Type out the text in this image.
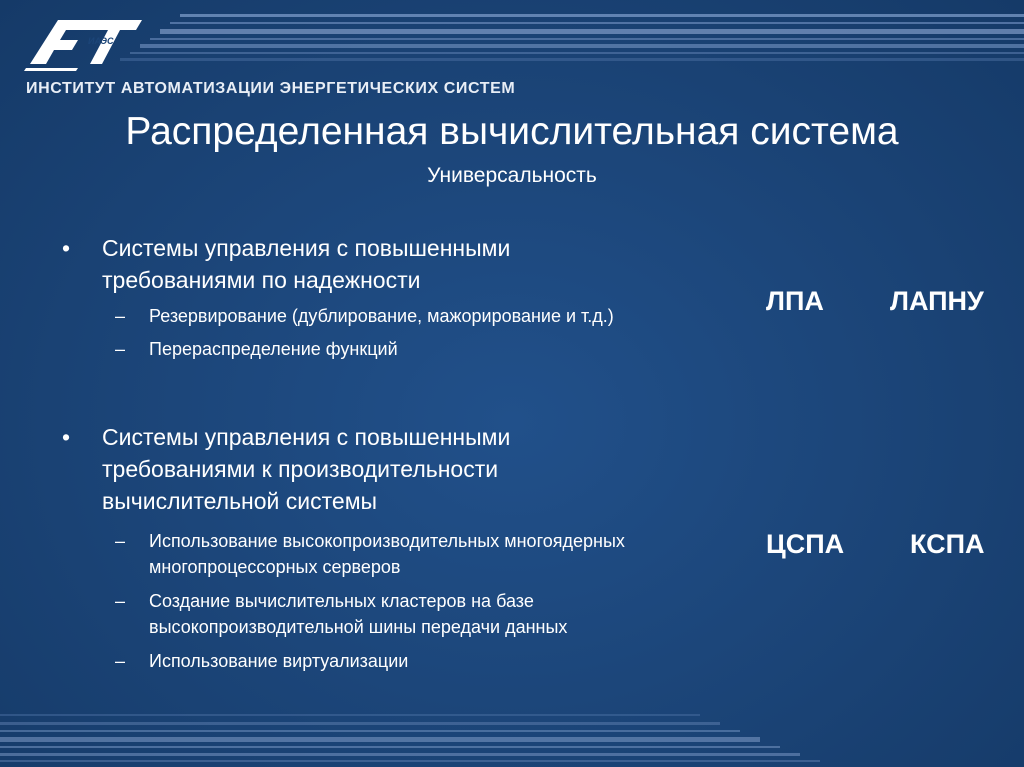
ИАЭС
ИНСТИТУТ АВТОМАТИЗАЦИИ ЭНЕРГЕТИЧЕСКИХ СИСТЕМ
Распределенная вычислительная система
Универсальность
• Системы управления с повышенными
требованиями по надежности
– Резервирование (дублирование, мажорирование и т.д.)
– Перераспределение функций
• Системы управления с повышенными
требованиями к производительности
вычислительной системы
– Использование высокопроизводительных многоядерных
многопроцессорных серверов
– Создание вычислительных кластеров на базе
высокопроизводительной шины передачи данных
– Использование виртуализации
ЛПА ЛАПНУ
ЦСПА КСПА
